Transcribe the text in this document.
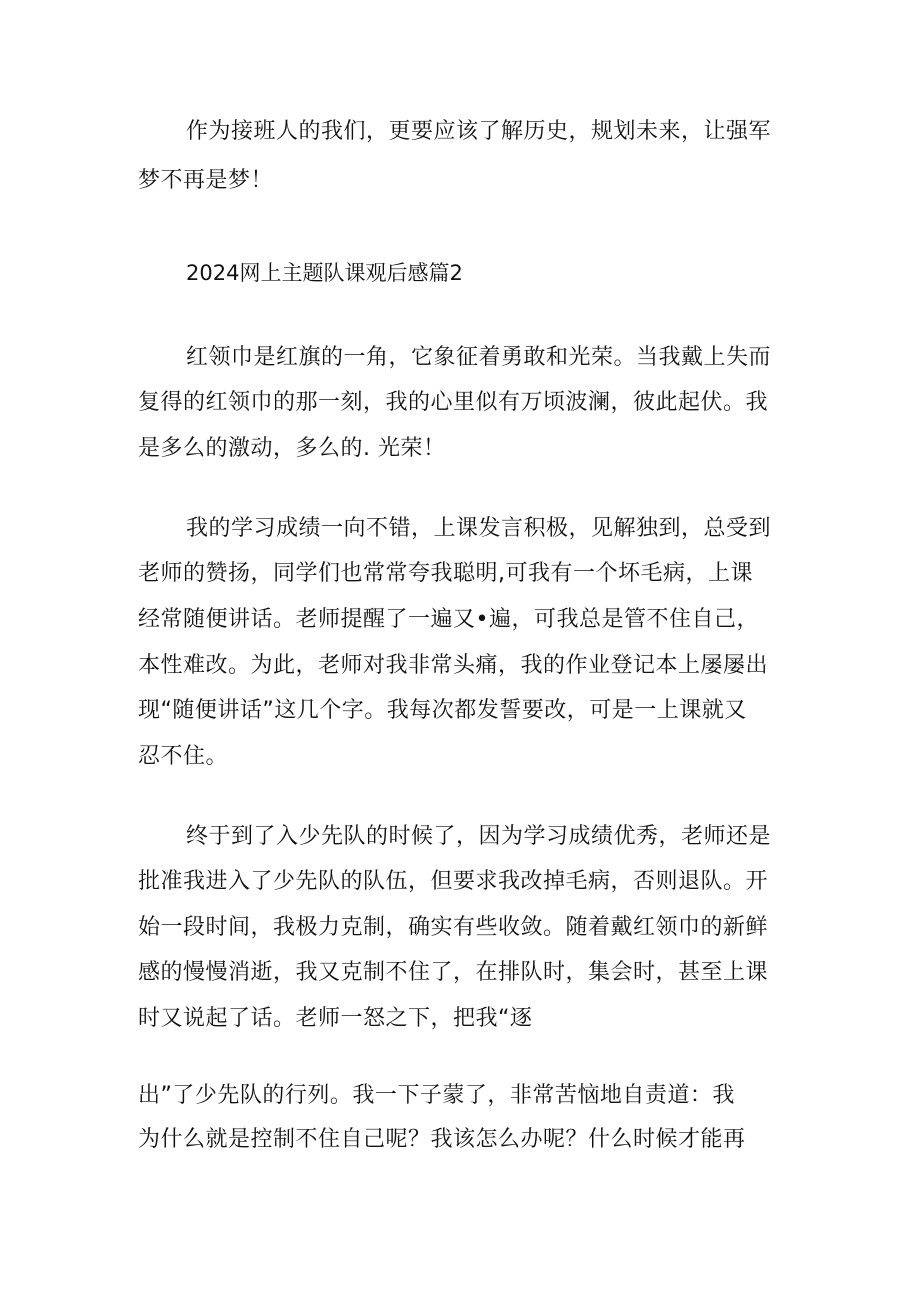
作为接班人的我们，更要应该了解历史，规划未来，让强军
梦不再是梦！
2024网上主题队课观后感篇2
红领巾是红旗的一角，它象征着勇敢和光荣。当我戴上失而
复得的红领巾的那一刻，我的心里似有万顷波澜，彼此起伏。我
是多么的激动，多么的. 光荣！
我的学习成绩一向不错，上课发言积极，见解独到，总受到
老师的赞扬，同学们也常常夸我聪明,可我有一个坏毛病，上课
经常随便讲话。老师提醒了一遍又•遍，可我总是管不住自己，
本性难改。为此，老师对我非常头痛，我的作业登记本上屡屡出
现“随便讲话”这几个字。我每次都发誓要改，可是一上课就又
忍不住。
终于到了入少先队的时候了，因为学习成绩优秀，老师还是
批准我进入了少先队的队伍，但要求我改掉毛病，否则退队。开
始一段时间，我极力克制，确实有些收敛。随着戴红领巾的新鲜
感的慢慢消逝，我又克制不住了，在排队时，集会时，甚至上课
时又说起了话。老师一怒之下，把我“逐
出”了少先队的行列。我一下子蒙了，非常苦恼地自责道：我
为什么就是控制不住自己呢？我该怎么办呢？什么时候才能再
